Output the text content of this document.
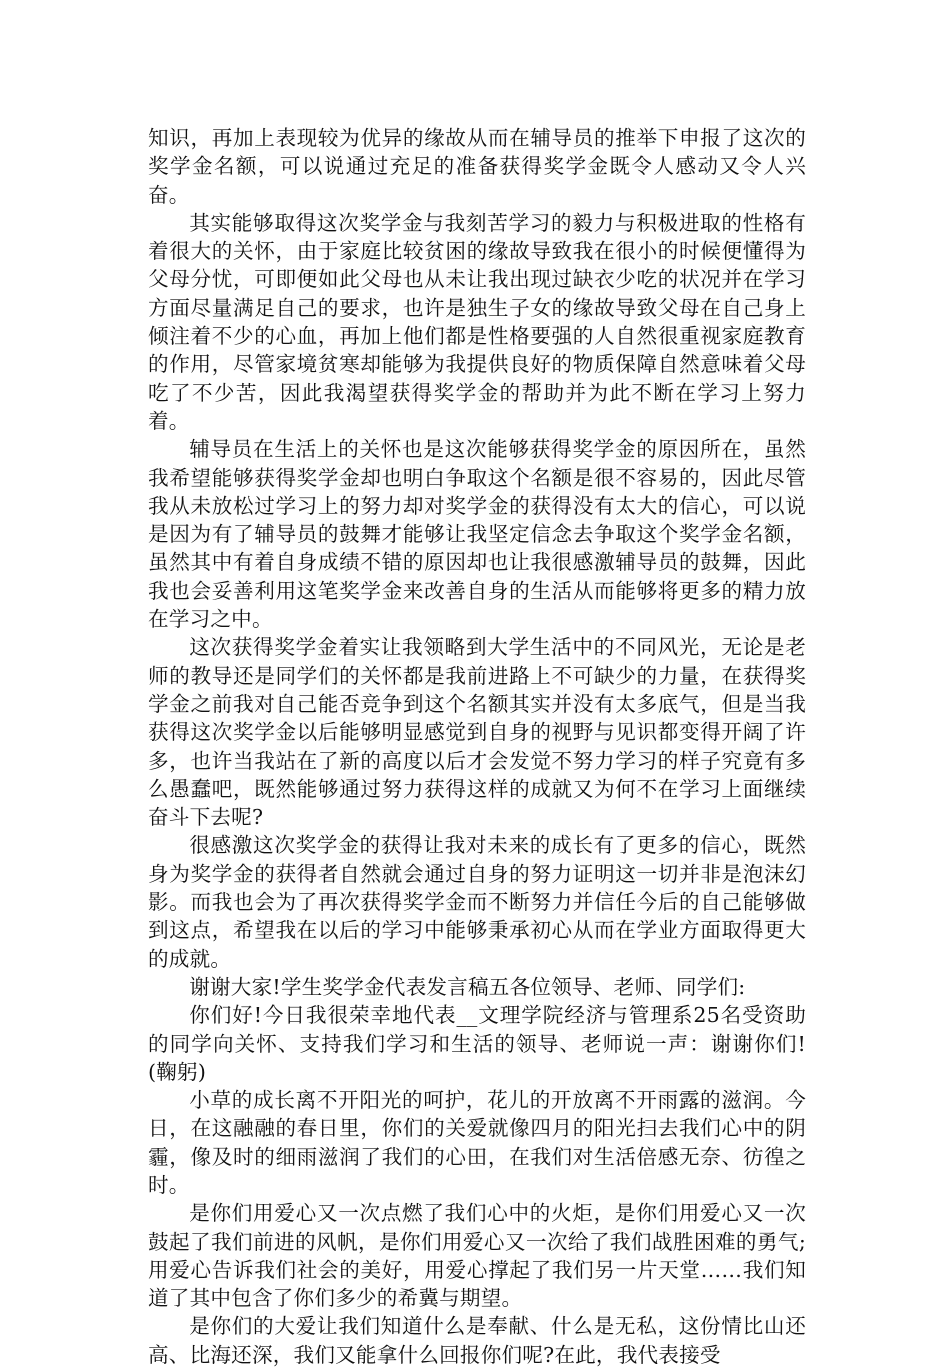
知识，再加上表现较为优异的缘故从而在辅导员的推举下申报了这次的奖学金名额，可以说通过充足的准备获得奖学金既令人感动又令人兴奋。

其实能够取得这次奖学金与我刻苦学习的毅力与积极进取的性格有着很大的关怀，由于家庭比较贫困的缘故导致我在很小的时候便懂得为父母分忧，可即便如此父母也从未让我出现过缺衣少吃的状况并在学习方面尽量满足自己的要求，也许是独生子女的缘故导致父母在自己身上倾注着不少的心血，再加上他们都是性格要强的人自然很重视家庭教育的作用，尽管家境贫寒却能够为我提供良好的物质保障自然意味着父母吃了不少苦，因此我渴望获得奖学金的帮助并为此不断在学习上努力着。

辅导员在生活上的关怀也是这次能够获得奖学金的原因所在，虽然我希望能够获得奖学金却也明白争取这个名额是很不容易的，因此尽管我从未放松过学习上的努力却对奖学金的获得没有太大的信心，可以说是因为有了辅导员的鼓舞才能够让我坚定信念去争取这个奖学金名额，虽然其中有着自身成绩不错的原因却也让我很感激辅导员的鼓舞，因此我也会妥善利用这笔奖学金来改善自身的生活从而能够将更多的精力放在学习之中。

这次获得奖学金着实让我领略到大学生活中的不同风光，无论是老师的教导还是同学们的关怀都是我前进路上不可缺少的力量，在获得奖学金之前我对自己能否竞争到这个名额其实并没有太多底气，但是当我获得这次奖学金以后能够明显感觉到自身的视野与见识都变得开阔了许多，也许当我站在了新的高度以后才会发觉不努力学习的样子究竟有多么愚蠢吧，既然能够通过努力获得这样的成就又为何不在学习上面继续奋斗下去呢?

很感激这次奖学金的获得让我对未来的成长有了更多的信心，既然身为奖学金的获得者自然就会通过自身的努力证明这一切并非是泡沫幻影。而我也会为了再次获得奖学金而不断努力并信任今后的自己能够做到这点，希望我在以后的学习中能够秉承初心从而在学业方面取得更大的成就。

谢谢大家!学生奖学金代表发言稿五各位领导、老师、同学们:

你们好!今日我很荣幸地代表__文理学院经济与管理系25名受资助的同学向关怀、支持我们学习和生活的领导、老师说一声：谢谢你们!(鞠躬)

小草的成长离不开阳光的呵护，花儿的开放离不开雨露的滋润。今日，在这融融的春日里，你们的关爱就像四月的阳光扫去我们心中的阴霾，像及时的细雨滋润了我们的心田，在我们对生活倍感无奈、彷徨之时。

是你们用爱心又一次点燃了我们心中的火炬，是你们用爱心又一次鼓起了我们前进的风帆，是你们用爱心又一次给了我们战胜困难的勇气;用爱心告诉我们社会的美好，用爱心撑起了我们另一片天堂……我们知道了其中包含了你们多少的希冀与期望。

是你们的大爱让我们知道什么是奉献、什么是无私，这份情比山还高、比海还深，我们又能拿什么回报你们呢?在此，我代表接受
